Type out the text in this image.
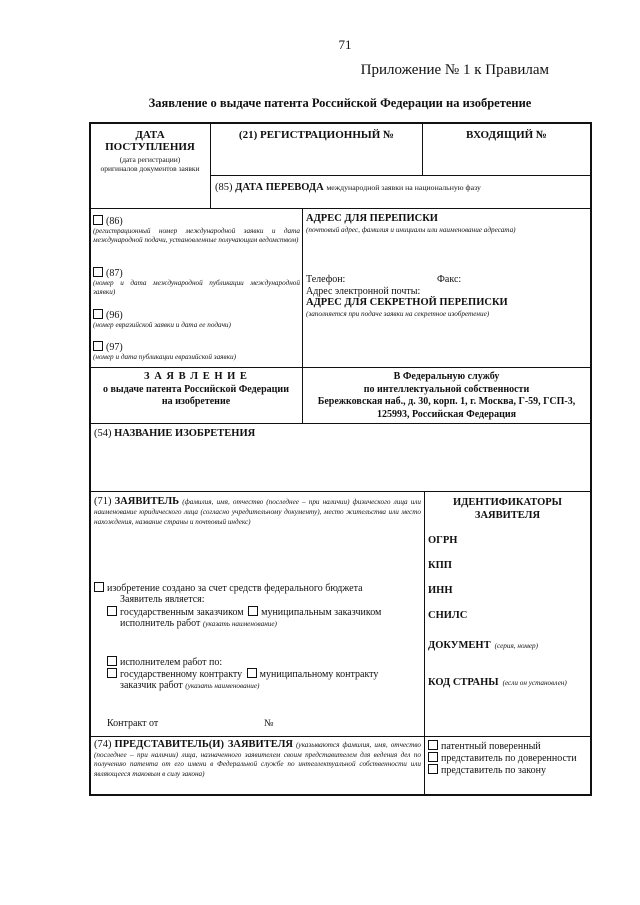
71
Приложение № 1 к Правилам
Заявление о выдаче патента Российской Федерации на изобретение
ДАТА
ПОСТУПЛЕНИЯ
(дата регистрации)
оригиналов документов заявки
(21) РЕГИСТРАЦИОННЫЙ №	ВХОДЯЩИЙ №
(85) ДАТА ПЕРЕВОДА международной заявки на национальную фазу
(86)
(регистрационный номер международной заявки и дата международной подачи, установленные получающим ведомством)
(87)
(номер и дата международной публикации международной заявки)
(96)
(номер евразийской заявки и дата ее подачи)
(97)
(номер и дата публикации евразийской заявки)
АДРЕС ДЛЯ ПЕРЕПИСКИ
(почтовый адрес, фамилия и инициалы или наименование адресата)
Телефон:	Факс:
Адрес электронной почты:
АДРЕС ДЛЯ СЕКРЕТНОЙ ПЕРЕПИСКИ
(заполняется при подаче заявки на секретное изобретение)
З А Я В Л Е Н И Е
о выдаче патента Российской Федерации
на изобретение
В Федеральную службу
по интеллектуальной собственности
Бережковская наб., д. 30, корп. 1, г. Москва, Г-59, ГСП-3,
125993, Российская Федерация
(54) НАЗВАНИЕ ИЗОБРЕТЕНИЯ
(71) ЗАЯВИТЕЛЬ (фамилия, имя, отчество (последнее – при наличии) физического лица или наименование юридического лица (согласно учредительному документу), место жительства или место нахождения, название страны и почтовый индекс)
изобретение создано за счет средств федерального бюджета
Заявитель является:
государственным заказчиком муниципальным заказчиком
исполнитель работ (указать наименование)
исполнителем работ по:
государственному контракту муниципальному контракту
заказчик работ (указать наименование)
Контракт от	№
ИДЕНТИФИКАТОРЫ
ЗАЯВИТЕЛЯ
ОГРН
КПП
ИНН
СНИЛС
ДОКУМЕНТ (серия, номер)
КОД СТРАНЫ (если он установлен)
(74) ПРЕДСТАВИТЕЛЬ(И) ЗАЯВИТЕЛЯ (указываются фамилия, имя, отчество (последнее – при наличии) лица, назначенного заявителем своим представителем для ведения дел по получению патента от его имени в Федеральной службе по интеллектуальной собственности или являющееся таковым в силу закона)
патентный поверенный
представитель по доверенности
представитель по закону
